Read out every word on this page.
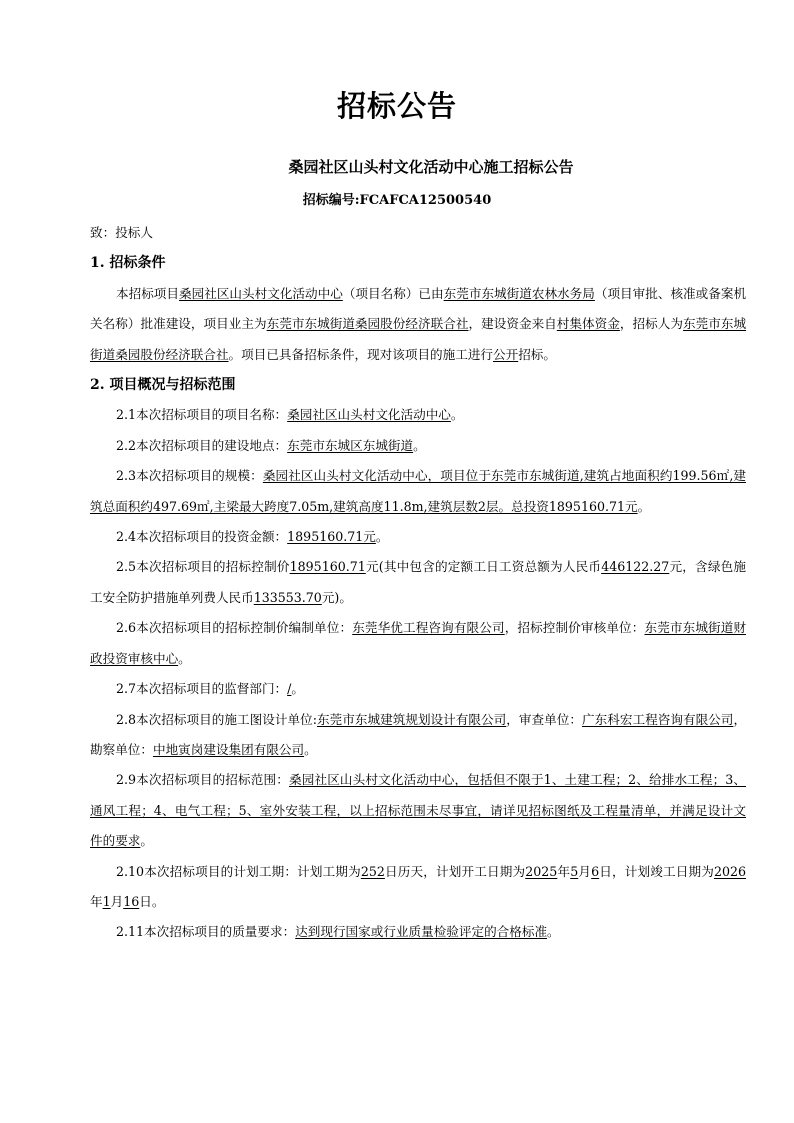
招标公告
桑园社区山头村文化活动中心施工招标公告
招标编号:FCAFCA12500540

致：投标人

1. 招标条件

本招标项目桑园社区山头村文化活动中心（项目名称）已由东莞市东城街道农林水务局（项目审批、核准或备案机关名称）批准建设，项目业主为东莞市东城街道桑园股份经济联合社，建设资金来自村集体资金，招标人为东莞市东城街道桑园股份经济联合社。项目已具备招标条件，现对该项目的施工进行公开招标。

2. 项目概况与招标范围

2.1本次招标项目的项目名称：桑园社区山头村文化活动中心。

2.2本次招标项目的建设地点：东莞市东城区东城街道。

2.3本次招标项目的规模：桑园社区山头村文化活动中心，项目位于东莞市东城街道,建筑占地面积约199.56㎡,建筑总面积约497.69㎡,主梁最大跨度7.05m,建筑高度11.8m,建筑层数2层。总投资1895160.71元。

2.4本次招标项目的投资金额：1895160.71元。

2.5本次招标项目的招标控制价1895160.71元(其中包含的定额工日工资总额为人民币446122.27元，含绿色施工安全防护措施单列费人民币133553.70元)。

2.6本次招标项目的招标控制价编制单位：东莞华优工程咨询有限公司，招标控制价审核单位：东莞市东城街道财政投资审核中心。

2.7本次招标项目的监督部门：/。

2.8本次招标项目的施工图设计单位:东莞市东城建筑规划设计有限公司，审查单位：广东科宏工程咨询有限公司，勘察单位：中地寅岗建设集团有限公司。

2.9本次招标项目的招标范围：桑园社区山头村文化活动中心，包括但不限于1、土建工程；2、给排水工程；3、通风工程；4、电气工程；5、室外安装工程，以上招标范围未尽事宜，请详见招标图纸及工程量清单，并满足设计文件的要求。

2.10本次招标项目的计划工期：计划工期为252日历天，计划开工日期为2025年5月6日，计划竣工日期为2026年1月16日。

2.11本次招标项目的质量要求：达到现行国家或行业质量检验评定的合格标准。
